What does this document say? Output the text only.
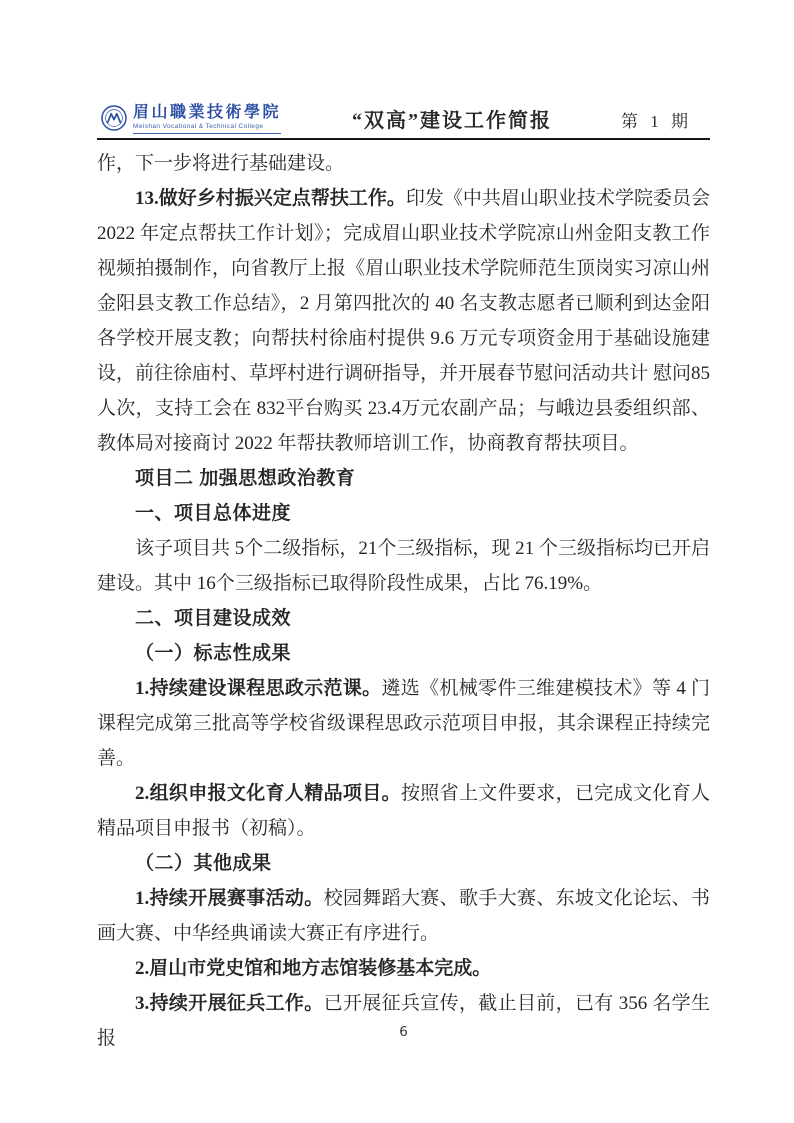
眉山職業技術學院
Meishan Vocational & Technical College	“双高”建设工作简报	第 1 期

作，下一步将进行基础建设。

13.做好乡村振兴定点帮扶工作。印发《中共眉山职业技术学院委员会 2022 年定点帮扶工作计划》；完成眉山职业技术学院凉山州金阳支教工作视频拍摄制作，向省教厅上报《眉山职业技术学院师范生顶岗实习凉山州金阳县支教工作总结》，2 月第四批次的 40 名支教志愿者已顺利到达金阳各学校开展支教；向帮扶村徐庙村提供 9.6 万元专项资金用于基础设施建设，前往徐庙村、草坪村进行调研指导，并开展春节慰问活动共计 慰问85 人次，支持工会在 832平台购买 23.4万元农副产品；与峨边县委组织部、教体局对接商讨 2022 年帮扶教师培训工作，协商教育帮扶项目。

项目二 加强思想政治教育

一、项目总体进度

该子项目共 5个二级指标，21个三级指标，现 21 个三级指标均已开启建设。其中 16个三级指标已取得阶段性成果，占比 76.19%。

二、项目建设成效

（一）标志性成果

1.持续建设课程思政示范课。遴选《机械零件三维建模技术》等 4 门课程完成第三批高等学校省级课程思政示范项目申报，其余课程正持续完善。

2.组织申报文化育人精品项目。按照省上文件要求，已完成文化育人精品项目申报书（初稿）。

（二）其他成果

1.持续开展赛事活动。校园舞蹈大赛、歌手大赛、东坡文化论坛、书画大赛、中华经典诵读大赛正有序进行。

2.眉山市党史馆和地方志馆装修基本完成。

3.持续开展征兵工作。已开展征兵宣传，截止目前，已有 356 名学生报	6
